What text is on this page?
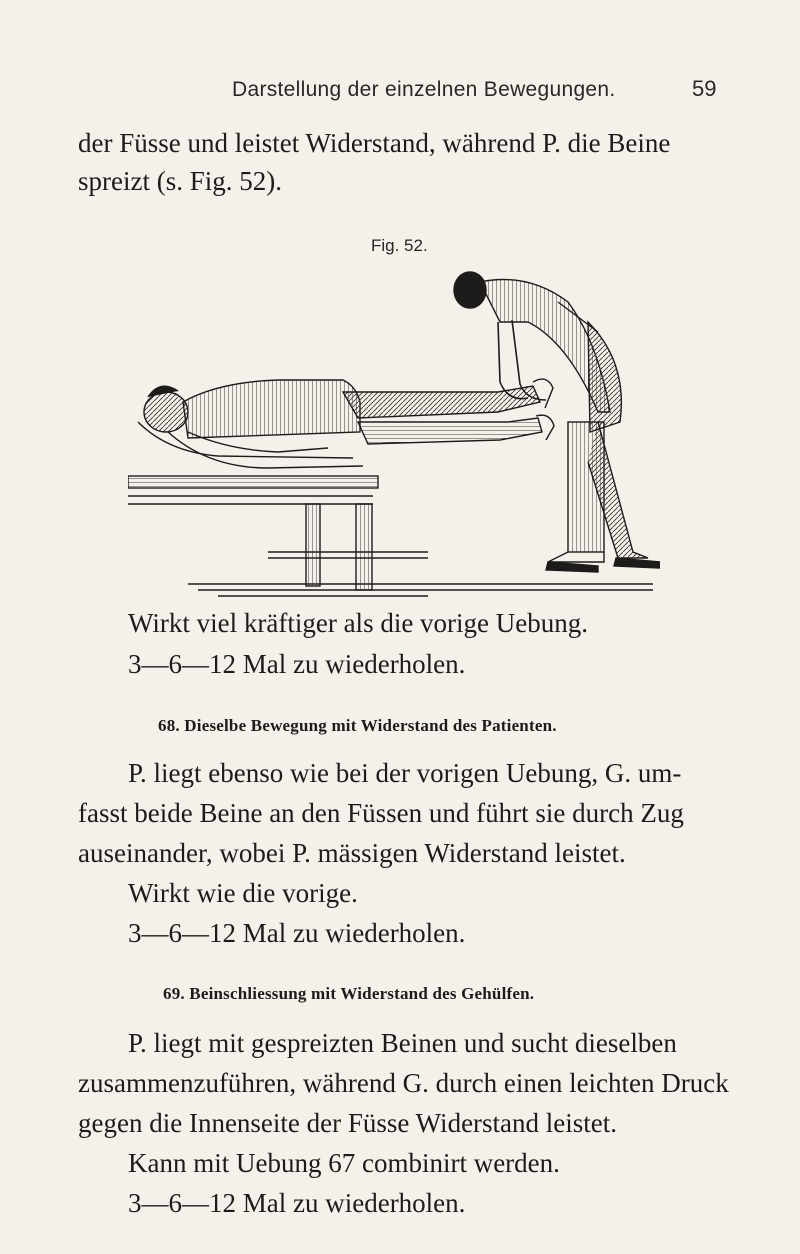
Darstellung der einzelnen Bewegungen.	59
der Füsse und leistet Widerstand, während P. die Beine
spreizt (s. Fig. 52).
Fig. 52.
Wirkt viel kräftiger als die vorige Uebung.
3—6—12 Mal zu wiederholen.
68. Dieselbe Bewegung mit Widerstand des Patienten.
P. liegt ebenso wie bei der vorigen Uebung, G. um-
fasst beide Beine an den Füssen und führt sie durch Zug
auseinander, wobei P. mässigen Widerstand leistet.
Wirkt wie die vorige.
3—6—12 Mal zu wiederholen.
69. Beinschliessung mit Widerstand des Gehülfen.
P. liegt mit gespreizten Beinen und sucht dieselben
zusammenzuführen, während G. durch einen leichten Druck
gegen die Innenseite der Füsse Widerstand leistet.
Kann mit Uebung 67 combinirt werden.
3—6—12 Mal zu wiederholen.
